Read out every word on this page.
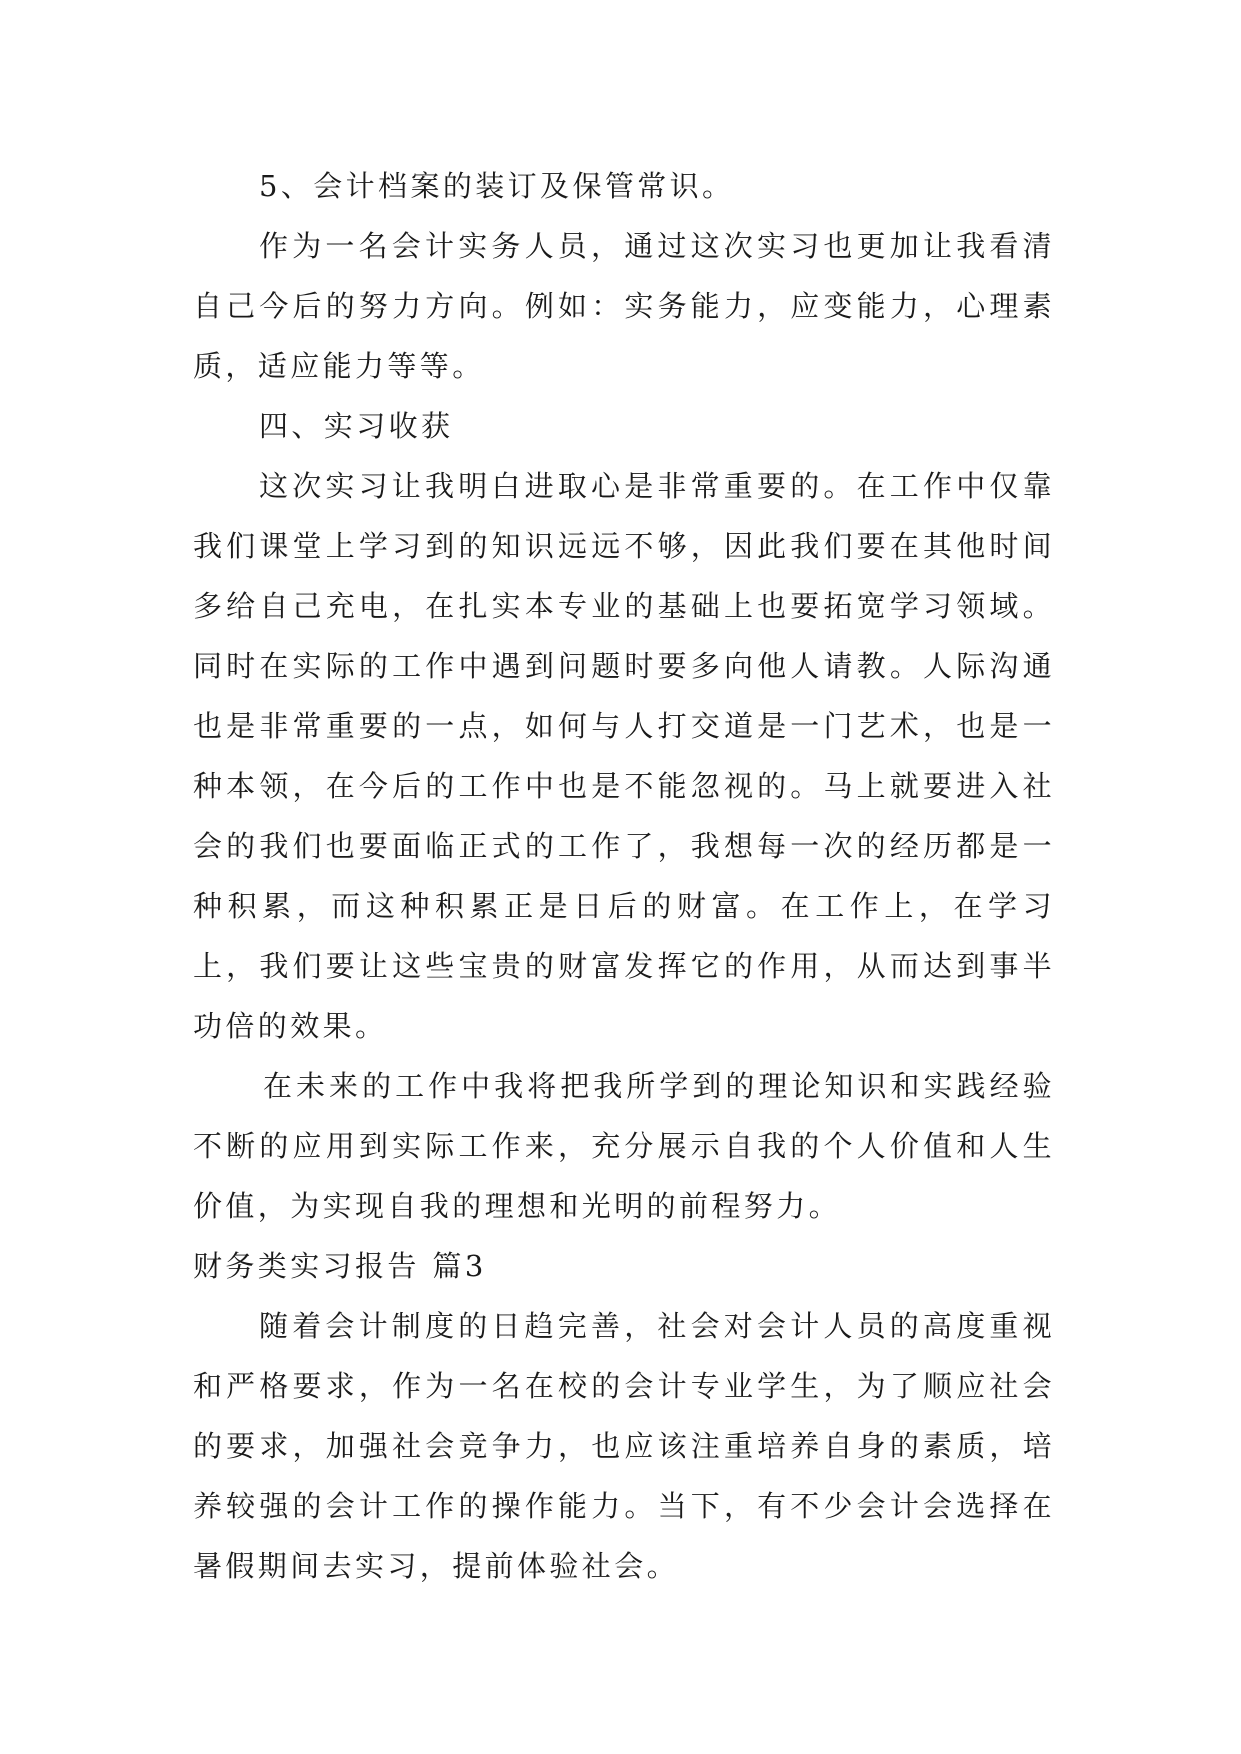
5、会计档案的装订及保管常识。

作为一名会计实务人员，通过这次实习也更加让我看清自己今后的努力方向。例如：实务能力，应变能力，心理素质，适应能力等等。

四、实习收获

这次实习让我明白进取心是非常重要的。在工作中仅靠我们课堂上学习到的知识远远不够，因此我们要在其他时间多给自己充电，在扎实本专业的基础上也要拓宽学习领域。同时在实际的工作中遇到问题时要多向他人请教。人际沟通也是非常重要的一点，如何与人打交道是一门艺术，也是一种本领，在今后的工作中也是不能忽视的。马上就要进入社会的我们也要面临正式的工作了，我想每一次的经历都是一种积累，而这种积累正是日后的财富。在工作上，在学习上，我们要让这些宝贵的财富发挥它的作用，从而达到事半功倍的效果。

在未来的工作中我将把我所学到的理论知识和实践经验不断的应用到实际工作来，充分展示自我的个人价值和人生价值，为实现自我的理想和光明的前程努力。

财务类实习报告 篇3

随着会计制度的日趋完善，社会对会计人员的高度重视和严格要求，作为一名在校的会计专业学生，为了顺应社会的要求，加强社会竞争力，也应该注重培养自身的素质，培养较强的会计工作的操作能力。当下，有不少会计会选择在暑假期间去实习，提前体验社会。
